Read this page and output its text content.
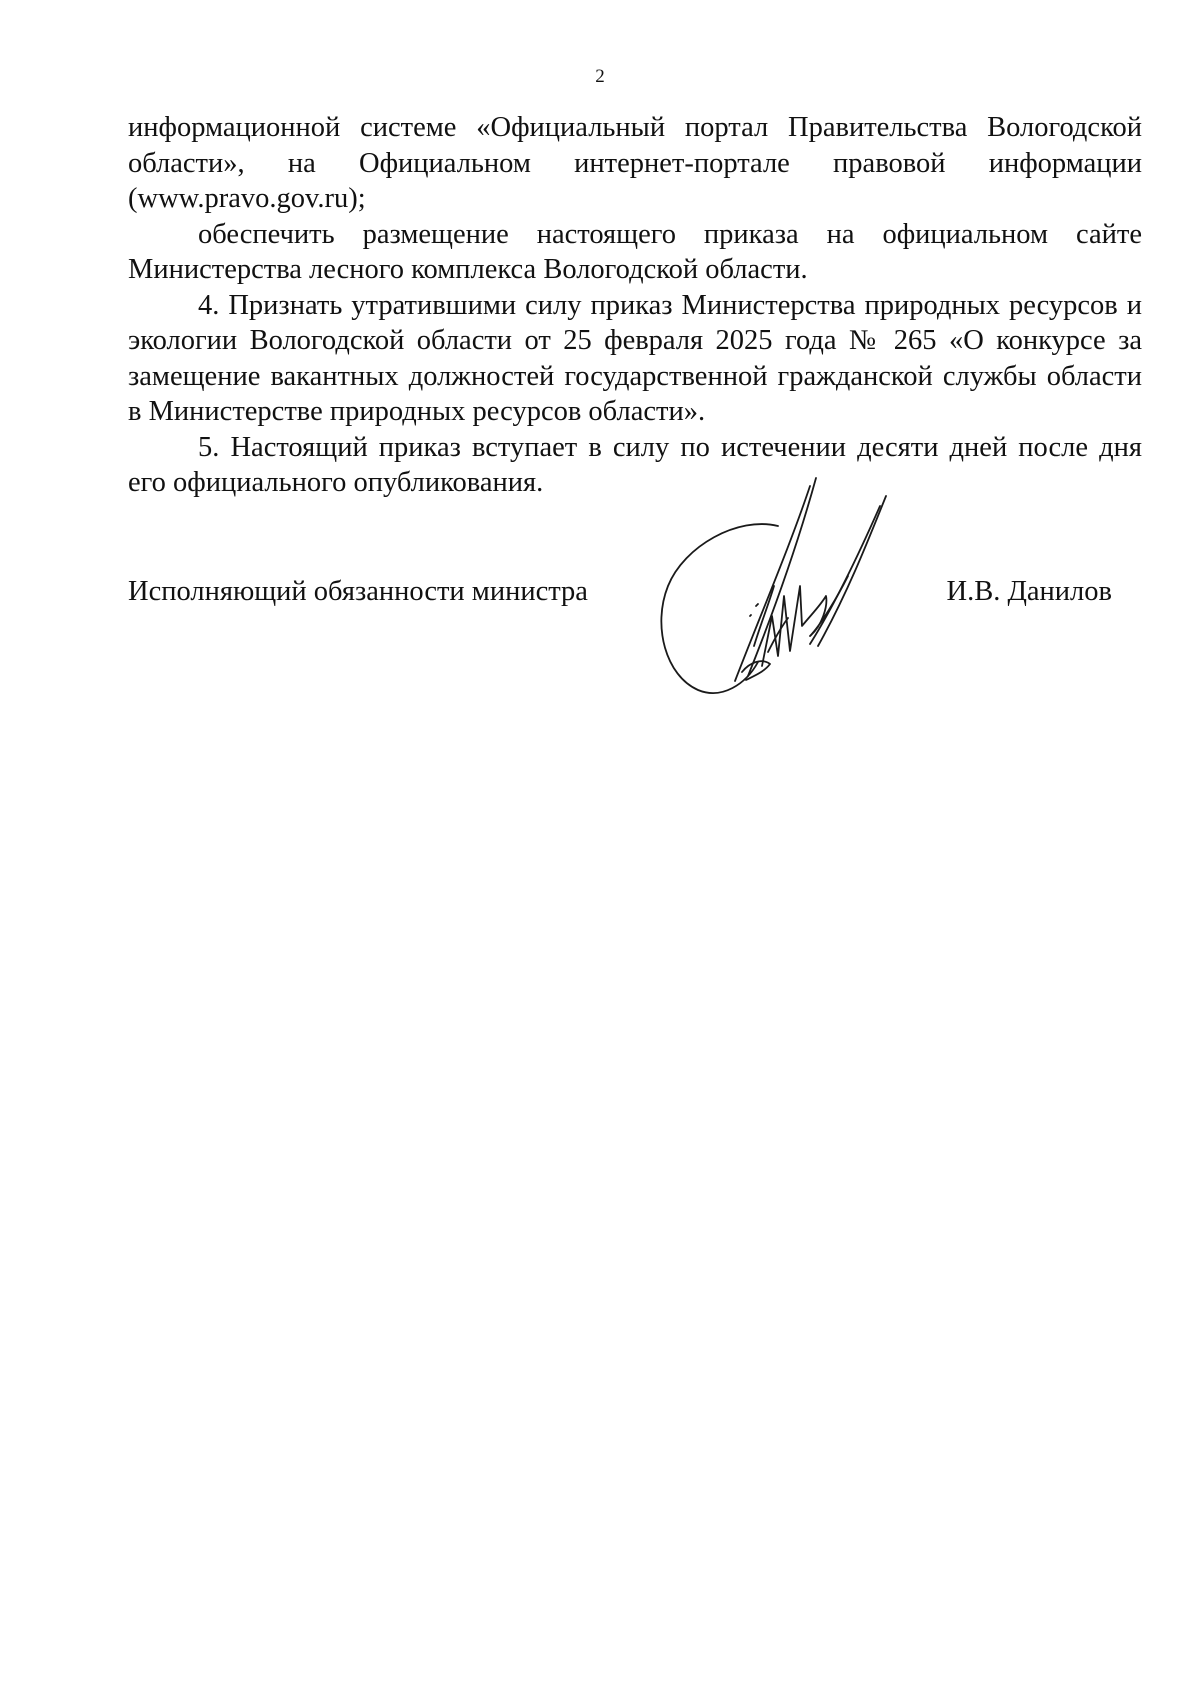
2

информационной системе «Официальный портал Правительства Вологодской области», на Официальном интернет-портале правовой информации (www.pravo.gov.ru);

обеспечить размещение настоящего приказа на официальном сайте Министерства лесного комплекса Вологодской области.

4. Признать утратившими силу приказ Министерства природных ресурсов и экологии Вологодской области от 25 февраля 2025 года № 265 «О конкурсе за замещение вакантных должностей государственной гражданской службы области в Министерстве природных ресурсов области».

5. Настоящий приказ вступает в силу по истечении десяти дней после дня его официального опубликования.

Исполняющий обязанности министра	И.В. Данилов
